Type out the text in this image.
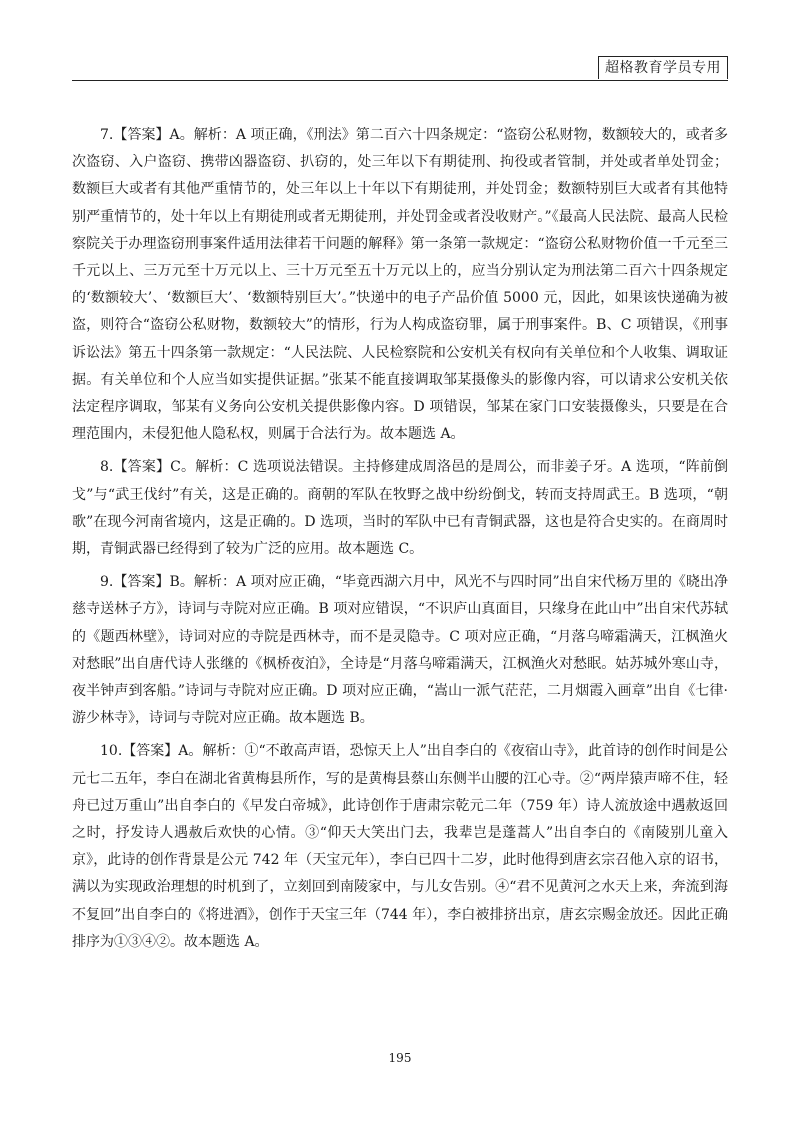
超格教育学员专用

7.【答案】A。解析：A 项正确，《刑法》第二百六十四条规定：“盗窃公私财物，数额较大的，或者多次盗窃、入户盗窃、携带凶器盗窃、扒窃的，处三年以下有期徒刑、拘役或者管制，并处或者单处罚金；数额巨大或者有其他严重情节的，处三年以上十年以下有期徒刑，并处罚金；数额特别巨大或者有其他特别严重情节的，处十年以上有期徒刑或者无期徒刑，并处罚金或者没收财产。”《最高人民法院、最高人民检察院关于办理盗窃刑事案件适用法律若干问题的解释》第一条第一款规定：“盗窃公私财物价值一千元至三千元以上、三万元至十万元以上、三十万元至五十万元以上的，应当分别认定为刑法第二百六十四条规定的‘数额较大’、‘数额巨大’、‘数额特别巨大’。”快递中的电子产品价值 5000 元，因此，如果该快递确为被盗，则符合“盗窃公私财物，数额较大”的情形，行为人构成盗窃罪，属于刑事案件。B、C 项错误，《刑事诉讼法》第五十四条第一款规定：“人民法院、人民检察院和公安机关有权向有关单位和个人收集、调取证据。有关单位和个人应当如实提供证据。”张某不能直接调取邹某摄像头的影像内容，可以请求公安机关依法定程序调取，邹某有义务向公安机关提供影像内容。D 项错误，邹某在家门口安装摄像头，只要是在合理范围内，未侵犯他人隐私权，则属于合法行为。故本题选 A。

8.【答案】C。解析：C 选项说法错误。主持修建成周洛邑的是周公，而非姜子牙。A 选项，“阵前倒戈”与“武王伐纣”有关，这是正确的。商朝的军队在牧野之战中纷纷倒戈，转而支持周武王。B 选项，“朝歌”在现今河南省境内，这是正确的。D 选项，当时的军队中已有青铜武器，这也是符合史实的。在商周时期，青铜武器已经得到了较为广泛的应用。故本题选 C。

9.【答案】B。解析：A 项对应正确，“毕竟西湖六月中，风光不与四时同”出自宋代杨万里的《晓出净慈寺送林子方》，诗词与寺院对应正确。B 项对应错误，“不识庐山真面目，只缘身在此山中”出自宋代苏轼的《题西林壁》，诗词对应的寺院是西林寺，而不是灵隐寺。C 项对应正确，“月落乌啼霜满天，江枫渔火对愁眠”出自唐代诗人张继的《枫桥夜泊》，全诗是“月落乌啼霜满天，江枫渔火对愁眠。姑苏城外寒山寺，夜半钟声到客船。”诗词与寺院对应正确。D 项对应正确，“嵩山一派气茫茫，二月烟霞入画章”出自《七律·游少林寺》，诗词与寺院对应正确。故本题选 B。

10.【答案】A。解析：①“不敢高声语，恐惊天上人”出自李白的《夜宿山寺》，此首诗的创作时间是公元七二五年，李白在湖北省黄梅县所作，写的是黄梅县蔡山东侧半山腰的江心寺。②“两岸猿声啼不住，轻舟已过万重山”出自李白的《早发白帝城》，此诗创作于唐肃宗乾元二年（759 年）诗人流放途中遇赦返回之时，抒发诗人遇赦后欢快的心情。③“仰天大笑出门去，我辈岂是蓬蒿人”出自李白的《南陵别儿童入京》，此诗的创作背景是公元 742 年（天宝元年），李白已四十二岁，此时他得到唐玄宗召他入京的诏书，满以为实现政治理想的时机到了，立刻回到南陵家中，与儿女告别。④“君不见黄河之水天上来，奔流到海不复回”出自李白的《将进酒》，创作于天宝三年（744 年），李白被排挤出京，唐玄宗赐金放还。因此正确排序为①③④②。故本题选 A。

195
